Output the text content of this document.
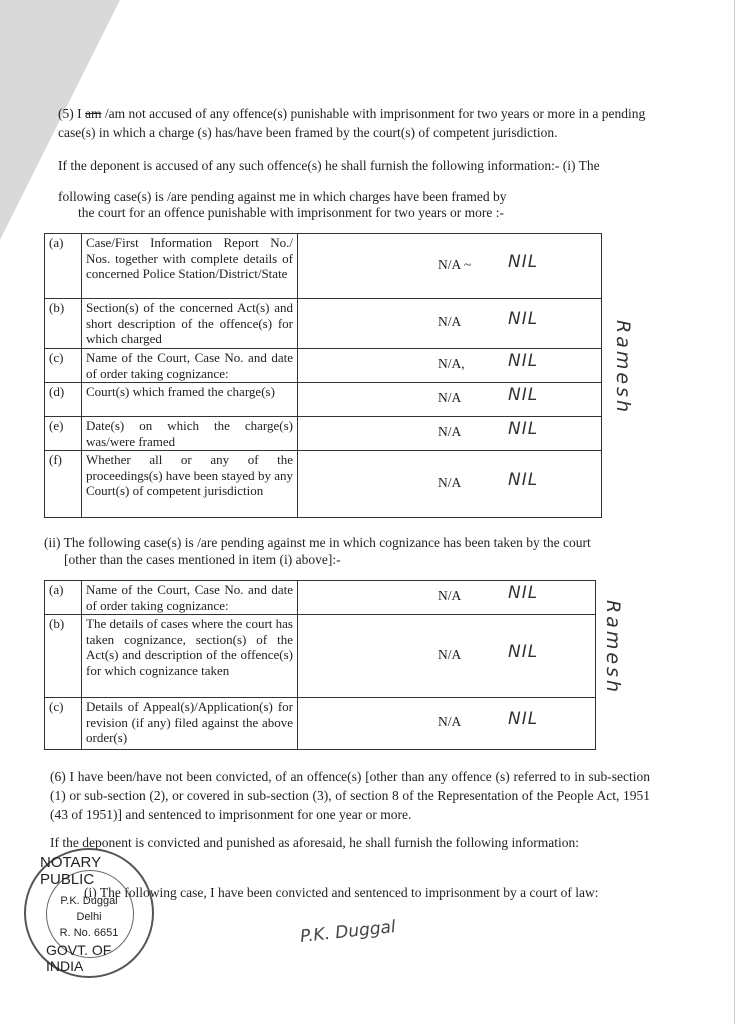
(5) I am /am not accused of any offence(s) punishable with imprisonment for two years or more in a pending case(s) in which a charge (s) has/have been framed by the court(s) of competent jurisdiction.
If the deponent is accused of any such offence(s) he shall furnish the following information:- (i) The
following case(s) is /are pending against me in which charges have been framed by
the court for an offence punishable with imprisonment for two years or more :-
(a)	Case/First Information Report No./ Nos. together with complete details of concerned Police Station/District/State	N/A ~ NIL

(b)	Section(s) of the concerned Act(s) and short description of the offence(s) for which charged	N/A NIL

(c)	Name of the Court, Case No. and date of order taking cognizance:	N/A, NIL

(d)	Court(s) which framed the charge(s)	N/A NIL

(e)	Date(s) on which the charge(s) was/were framed	N/A NIL

(f)	Whether all or any of the proceedings(s) have been stayed by any Court(s) of competent jurisdiction	N/A NIL
(ii) The following case(s) is /are pending against me in which cognizance has been taken by the court
[other than the cases mentioned in item (i) above]:-
(a)	Name of the Court, Case No. and date of order taking cognizance:	N/A NIL

(b)	The details of cases where the court has taken cognizance, section(s) of the Act(s) and description of the offence(s) for which cognizance taken	N/A NIL

(c)	Details of Appeal(s)/Application(s) for revision (if any) filed against the above order(s)	N/A NIL
(6) I have been/have not been convicted, of an offence(s) [other than any offence (s) referred to in sub-section (1) or sub-section (2), or covered in sub-section (3), of section 8 of the Representation of the People Act, 1951 (43 of 1951)] and sentenced to imprisonment for one year or more.
If the deponent is convicted and punished as aforesaid, he shall furnish the following information:
(i) The following case, I have been convicted and sentenced to imprisonment by a court of law:
Ramesh
Ramesh
NOTARY PUBLIC
P.K. Duggal
Delhi
R. No. 6651
GOVT. OF INDIA
P.K. Duggal
